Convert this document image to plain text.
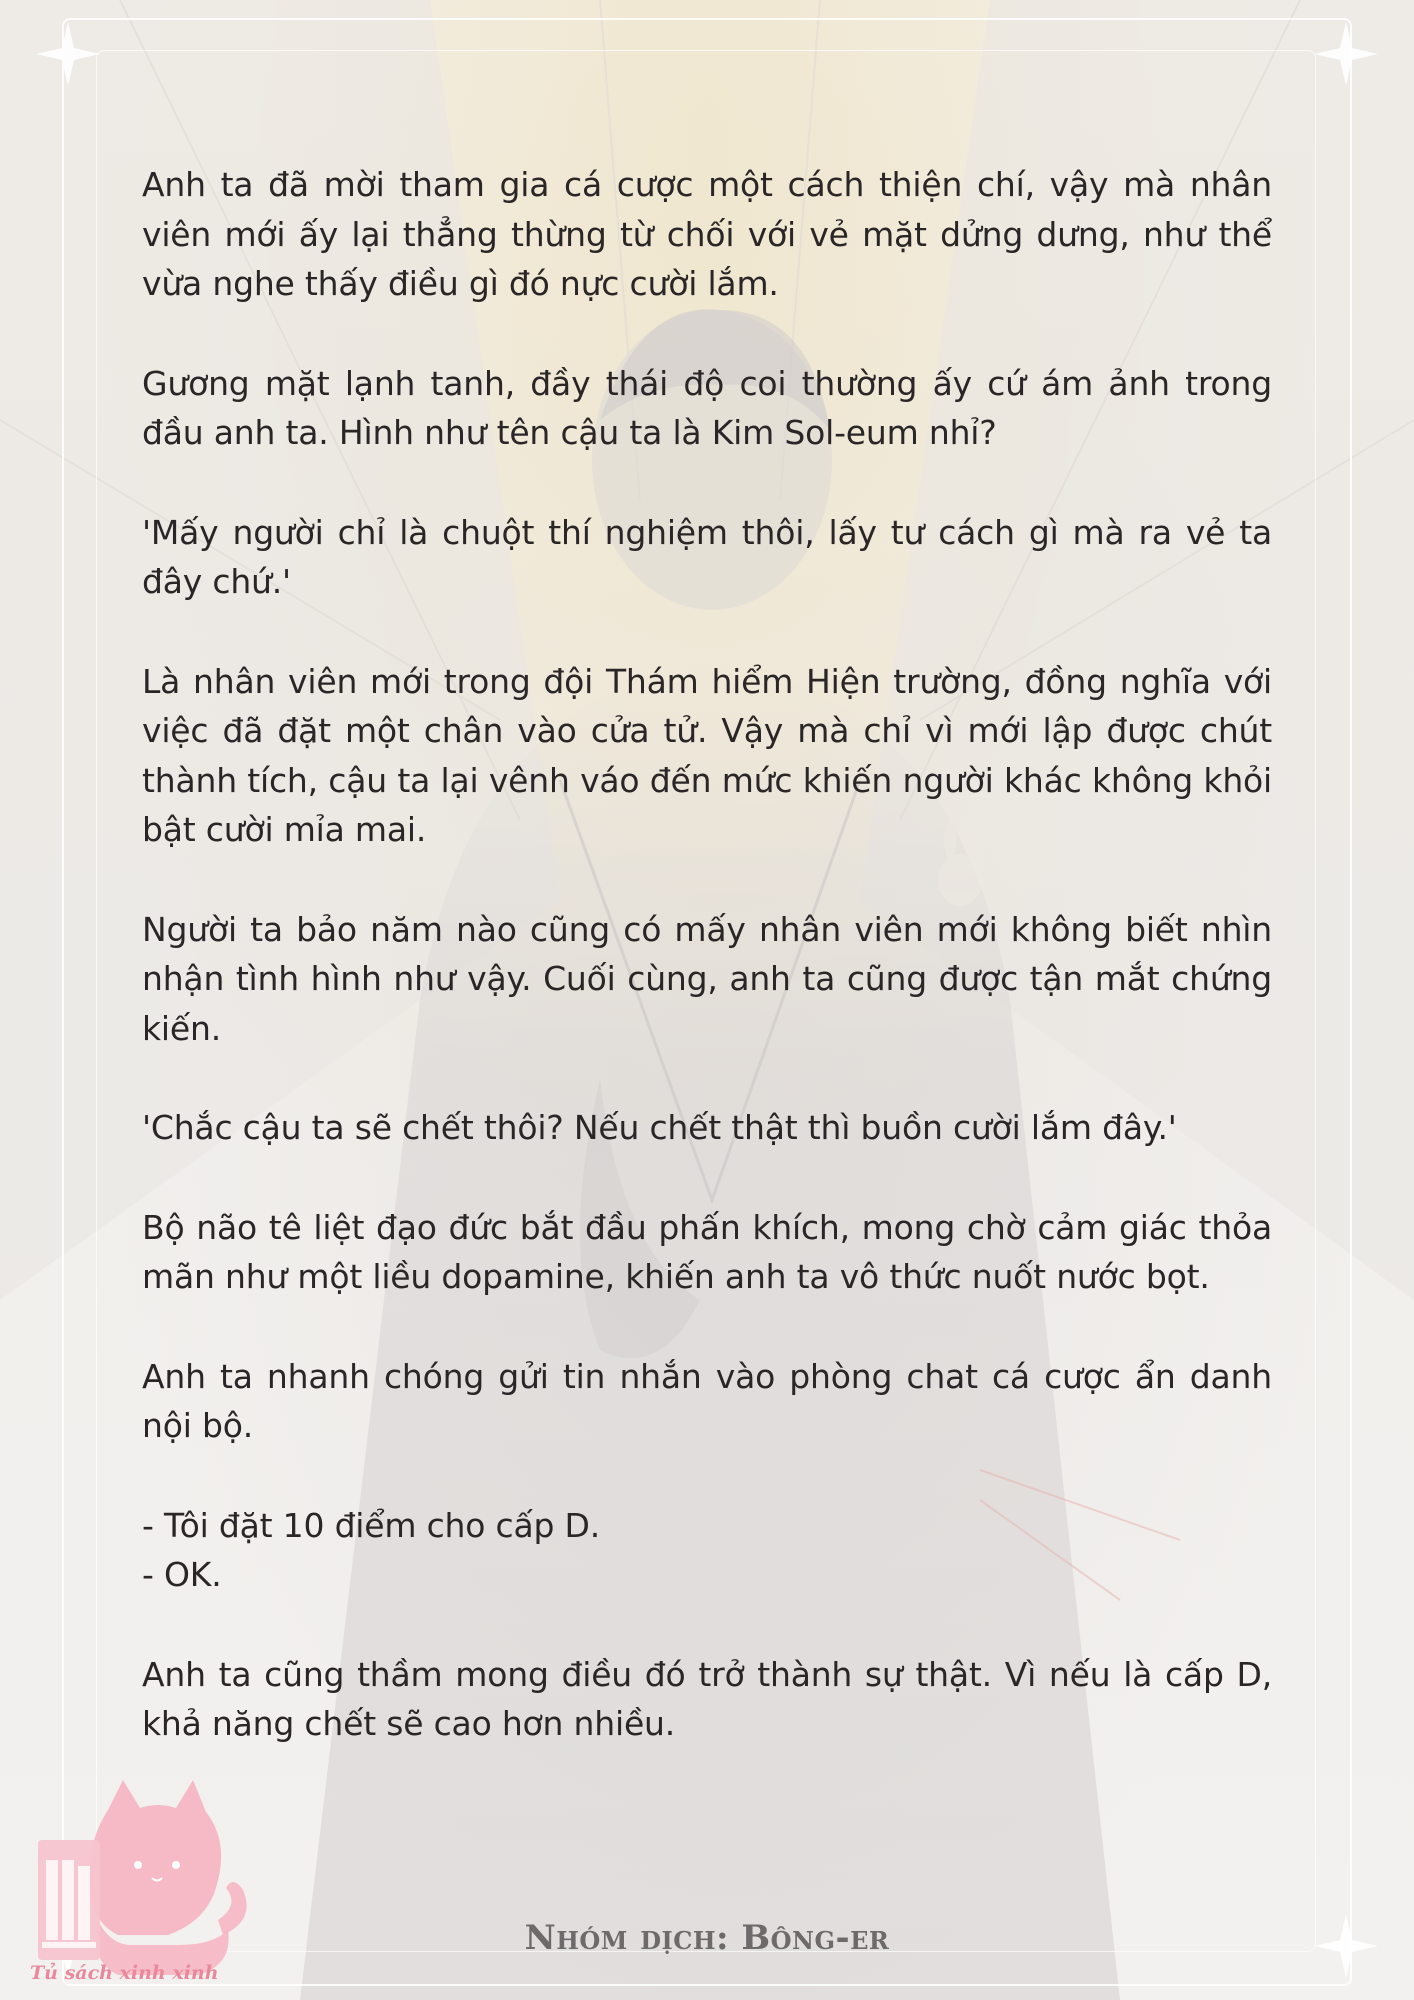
Anh ta đã mời tham gia cá cược một cách thiện chí, vậy mà nhân viên mới ấy lại thẳng thừng từ chối với vẻ mặt dửng dưng, như thể vừa nghe thấy điều gì đó nực cười lắm.

Gương mặt lạnh tanh, đầy thái độ coi thường ấy cứ ám ảnh trong đầu anh ta. Hình như tên cậu ta là Kim Sol-eum nhỉ?

'Mấy người chỉ là chuột thí nghiệm thôi, lấy tư cách gì mà ra vẻ ta đây chứ.'

Là nhân viên mới trong đội Thám hiểm Hiện trường, đồng nghĩa với việc đã đặt một chân vào cửa tử. Vậy mà chỉ vì mới lập được chút thành tích, cậu ta lại vênh váo đến mức khiến người khác không khỏi bật cười mỉa mai.

Người ta bảo năm nào cũng có mấy nhân viên mới không biết nhìn nhận tình hình như vậy. Cuối cùng, anh ta cũng được tận mắt chứng kiến.

'Chắc cậu ta sẽ chết thôi? Nếu chết thật thì buồn cười lắm đây.'

Bộ não tê liệt đạo đức bắt đầu phấn khích, mong chờ cảm giác thỏa mãn như một liều dopamine, khiến anh ta vô thức nuốt nước bọt.

Anh ta nhanh chóng gửi tin nhắn vào phòng chat cá cược ẩn danh nội bộ.

- Tôi đặt 10 điểm cho cấp D.

- OK.

Anh ta cũng thầm mong điều đó trở thành sự thật. Vì nếu là cấp D, khả năng chết sẽ cao hơn nhiều.

Tủ sách xinh xinh
Nhóm dịch: Bông-er
